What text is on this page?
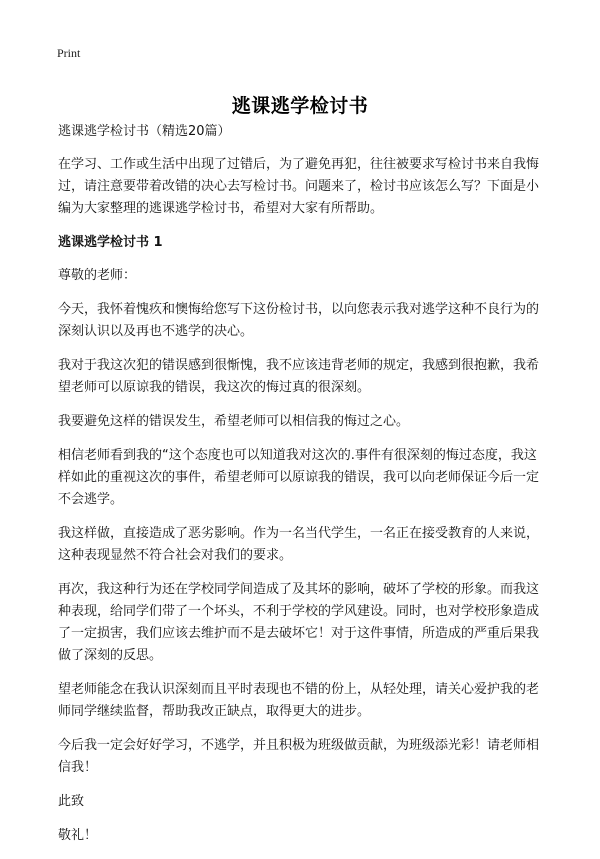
Print
逃课逃学检讨书

逃课逃学检讨书（精选20篇）

在学习、工作或生活中出现了过错后，为了避免再犯，往往被要求写检讨书来自我悔过，请注意要带着改错的决心去写检讨书。问题来了，检讨书应该怎么写？下面是小编为大家整理的逃课逃学检讨书，希望对大家有所帮助。

逃课逃学检讨书 1

尊敬的老师：

今天，我怀着愧疚和懊悔给您写下这份检讨书，以向您表示我对逃学这种不良行为的深刻认识以及再也不逃学的决心。

我对于我这次犯的错误感到很惭愧，我不应该违背老师的规定，我感到很抱歉，我希望老师可以原谅我的错误，我这次的悔过真的很深刻。

我要避免这样的错误发生，希望老师可以相信我的悔过之心。

相信老师看到我的“这个态度也可以知道我对这次的.事件有很深刻的悔过态度，我这样如此的重视这次的事件，希望老师可以原谅我的错误，我可以向老师保证今后一定不会逃学。

我这样做，直接造成了恶劣影响。作为一名当代学生，一名正在接受教育的人来说，这种表现显然不符合社会对我们的要求。

再次，我这种行为还在学校同学间造成了及其坏的影响，破坏了学校的形象。而我这种表现，给同学们带了一个坏头，不利于学校的学风建设。同时，也对学校形象造成了一定损害，我们应该去维护而不是去破坏它！对于这件事情，所造成的严重后果我做了深刻的反思。

望老师能念在我认识深刻而且平时表现也不错的份上，从轻处理，请关心爱护我的老师同学继续监督，帮助我改正缺点，取得更大的进步。

今后我一定会好好学习，不逃学，并且积极为班级做贡献，为班级添光彩！请老师相信我！

此致

敬礼！
